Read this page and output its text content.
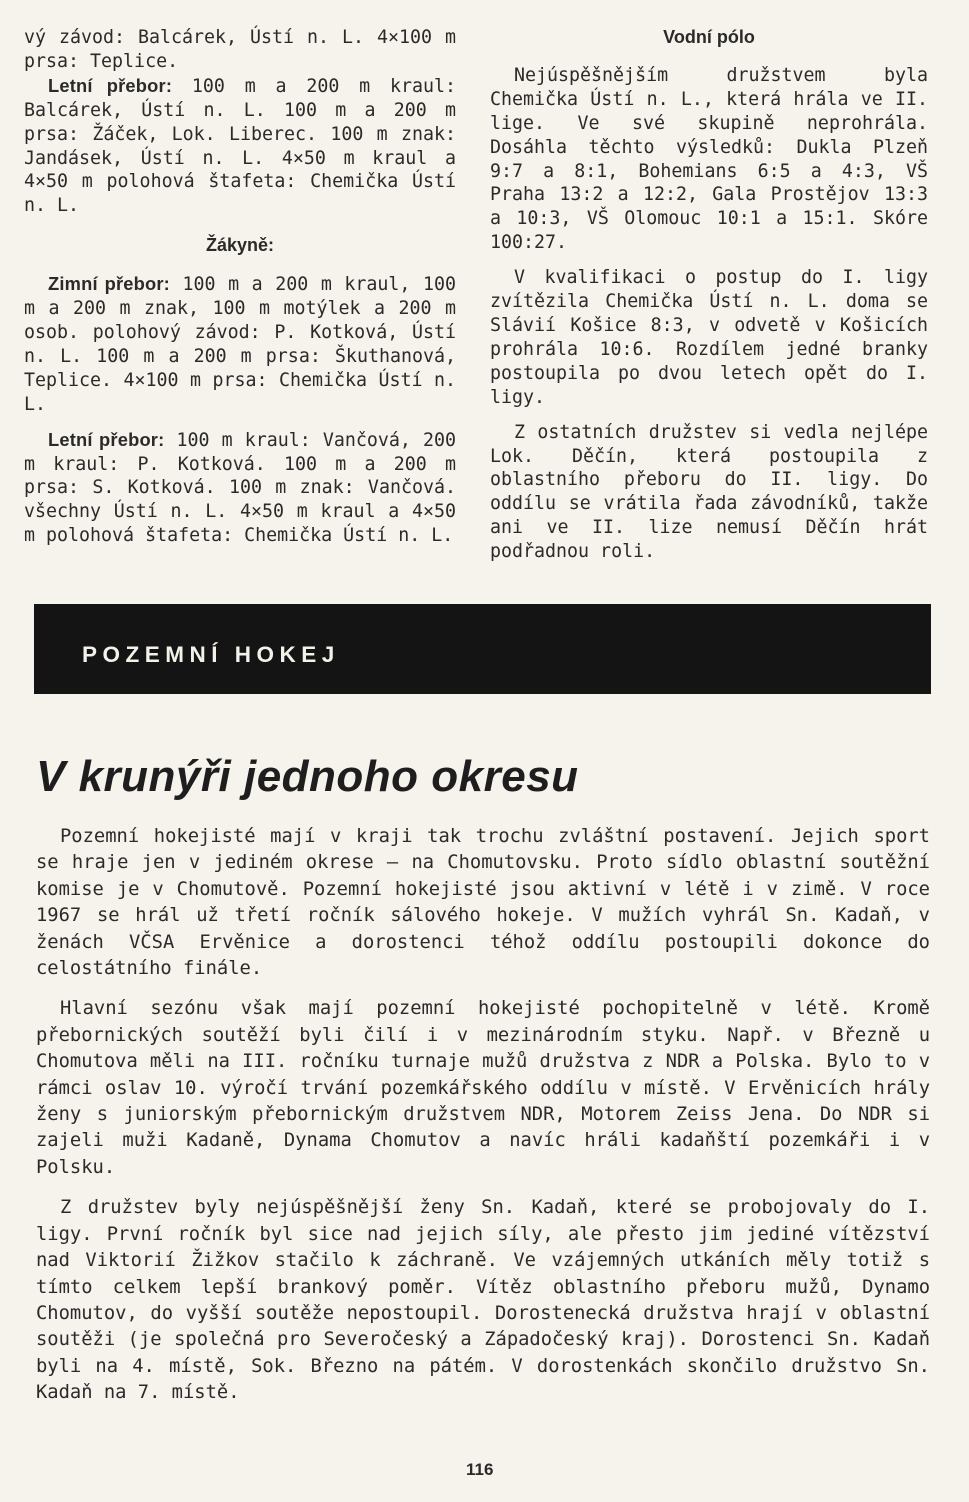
vý závod: Balcárek, Ústí n. L. 4×100 m prsa: Teplice.

Letní přebor: 100 m a 200 m kraul: Balcárek, Ústí n. L. 100 m a 200 m prsa: Žáček, Lok. Liberec. 100 m znak: Jandásek, Ústí n. L. 4×50 m kraul a 4×50 m polohová štafeta: Chemička Ústí n. L.

Žákyně:

Zimní přebor: 100 m a 200 m kraul, 100 m a 200 m znak, 100 m motýlek a 200 m osob. polohový závod: P. Kotková, Ústí n. L. 100 m a 200 m prsa: Škuthanová, Teplice. 4×100 m prsa: Chemička Ústí n. L.

Letní přebor: 100 m kraul: Vančová, 200 m kraul: P. Kotková. 100 m a 200 m prsa: S. Kotková. 100 m znak: Vančová. všechny Ústí n. L. 4×50 m kraul a 4×50 m polohová štafeta: Chemička Ústí n. L.

Vodní pólo

Nejúspěšnějším družstvem byla Chemička Ústí n. L., která hrála ve II. lige. Ve své skupině neprohrála. Dosáhla těchto výsledků: Dukla Plzeň 9:7 a 8:1, Bohemians 6:5 a 4:3, VŠ Praha 13:2 a 12:2, Gala Prostějov 13:3 a 10:3, VŠ Olomouc 10:1 a 15:1. Skóre 100:27.

V kvalifikaci o postup do I. ligy zvítězila Chemička Ústí n. L. doma se Slávií Košice 8:3, v odvetě v Košicích prohrála 10:6. Rozdílem jedné branky postoupila po dvou letech opět do I. ligy.

Z ostatních družstev si vedla nejlépe Lok. Děčín, která postoupila z oblastního přeboru do II. ligy. Do oddílu se vrátila řada závodníků, takže ani ve II. lize nemusí Děčín hrát podřadnou roli.

POZEMNÍ HOKEJ
V krunýři jednoho okresu

Pozemní hokejisté mají v kraji tak trochu zvláštní postavení. Jejich sport se hraje jen v jediném okrese — na Chomutovsku. Proto sídlo oblastní soutěžní komise je v Chomutově. Pozemní hokejisté jsou aktivní v létě i v zimě. V roce 1967 se hrál už třetí ročník sálového hokeje. V mužích vyhrál Sn. Kadaň, v ženách VČSA Ervěnice a dorostenci téhož oddílu postoupili dokonce do celostátního finále.

Hlavní sezónu však mají pozemní hokejisté pochopitelně v létě. Kromě přebornických soutěží byli čilí i v mezinárodním styku. Např. v Březně u Chomutova měli na III. ročníku turnaje mužů družstva z NDR a Polska. Bylo to v rámci oslav 10. výročí trvání pozemkářského oddílu v místě. V Ervěnicích hrály ženy s juniorským přebornickým družstvem NDR, Motorem Zeiss Jena. Do NDR si zajeli muži Kadaně, Dynama Chomutov a navíc hráli kadaňští pozemkáři i v Polsku.

Z družstev byly nejúspěšnější ženy Sn. Kadaň, které se probojovaly do I. ligy. První ročník byl sice nad jejich síly, ale přesto jim jediné vítězství nad Viktorií Žižkov stačilo k záchraně. Ve vzájemných utkáních měly totiž s tímto celkem lepší brankový poměr. Vítěz oblastního přeboru mužů, Dynamo Chomutov, do vyšší soutěže nepostoupil. Dorostenecká družstva hrají v oblastní soutěži (je společná pro Severočeský a Západočeský kraj). Dorostenci Sn. Kadaň byli na 4. místě, Sok. Březno na pátém. V dorostenkách skončilo družstvo Sn. Kadaň na 7. místě.

116
